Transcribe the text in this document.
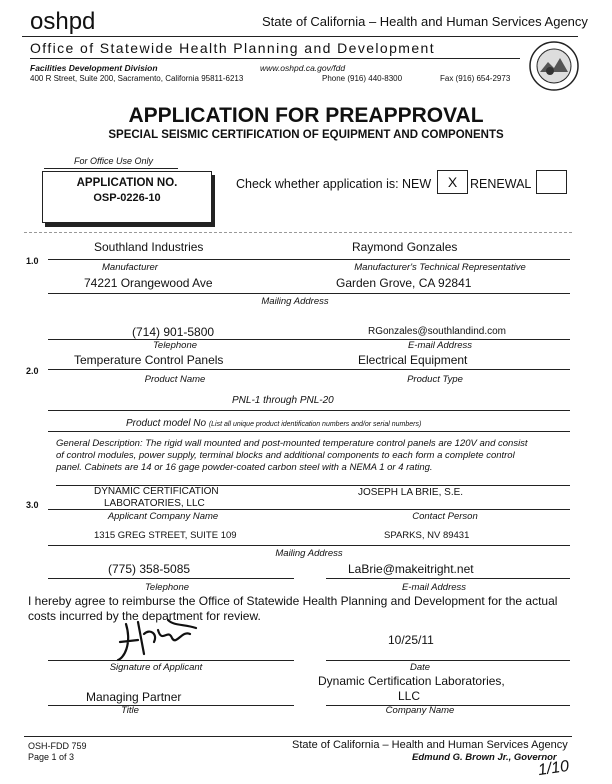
oshpd	State of California – Health and Human Services Agency
Office of Statewide Health Planning and Development
Facilities Development Division
400 R Street, Suite 200, Sacramento, California 95811-6213
www.oshpd.ca.gov/fdd
Phone (916) 440-8300	Fax (916) 654-2973
APPLICATION FOR PREAPPROVAL
SPECIAL SEISMIC CERTIFICATION OF EQUIPMENT AND COMPONENTS
For Office Use Only
APPLICATION NO.
OSP-0226-10
Check whether application is: NEW	X	RENEWAL
1.0
Southland Industries	Raymond Gonzales
Manufacturer	Manufacturer's Technical Representative
74221 Orangewood Ave	Garden Grove, CA 92841
Mailing Address
(714) 901-5800	RGonzales@southlandind.com
Telephone	E-mail Address
2.0
Temperature Control Panels	Electrical Equipment
Product Name	Product Type
PNL-1 through PNL-20
Product model No (List all unique product identification numbers and/or serial numbers)
General Description: The rigid wall mounted and post-mounted temperature control panels are 120V and consist of control modules, power supply, terminal blocks and additional components to each form a complete control panel. Cabinets are 14 or 16 gage powder-coated carbon steel with a NEMA 1 or 4 rating.
3.0
DYNAMIC CERTIFICATION
LABORATORIES, LLC
JOSEPH LA BRIE, S.E.
Applicant Company Name	Contact Person
1315 GREG STREET, SUITE 109	SPARKS, NV 89431
Mailing Address
(775) 358-5085	LaBrie@makeitright.net
Telephone	E-mail Address
I hereby agree to reimburse the Office of Statewide Health Planning and Development for the actual costs incurred by the department for review.
10/25/11
Signature of Applicant	Date
Managing Partner
Dynamic Certification Laboratories,
LLC
Title	Company Name
OSH-FDD 759
Page 1 of 3
State of California – Health and Human Services Agency
Edmund G. Brown Jr., Governor
1/10
